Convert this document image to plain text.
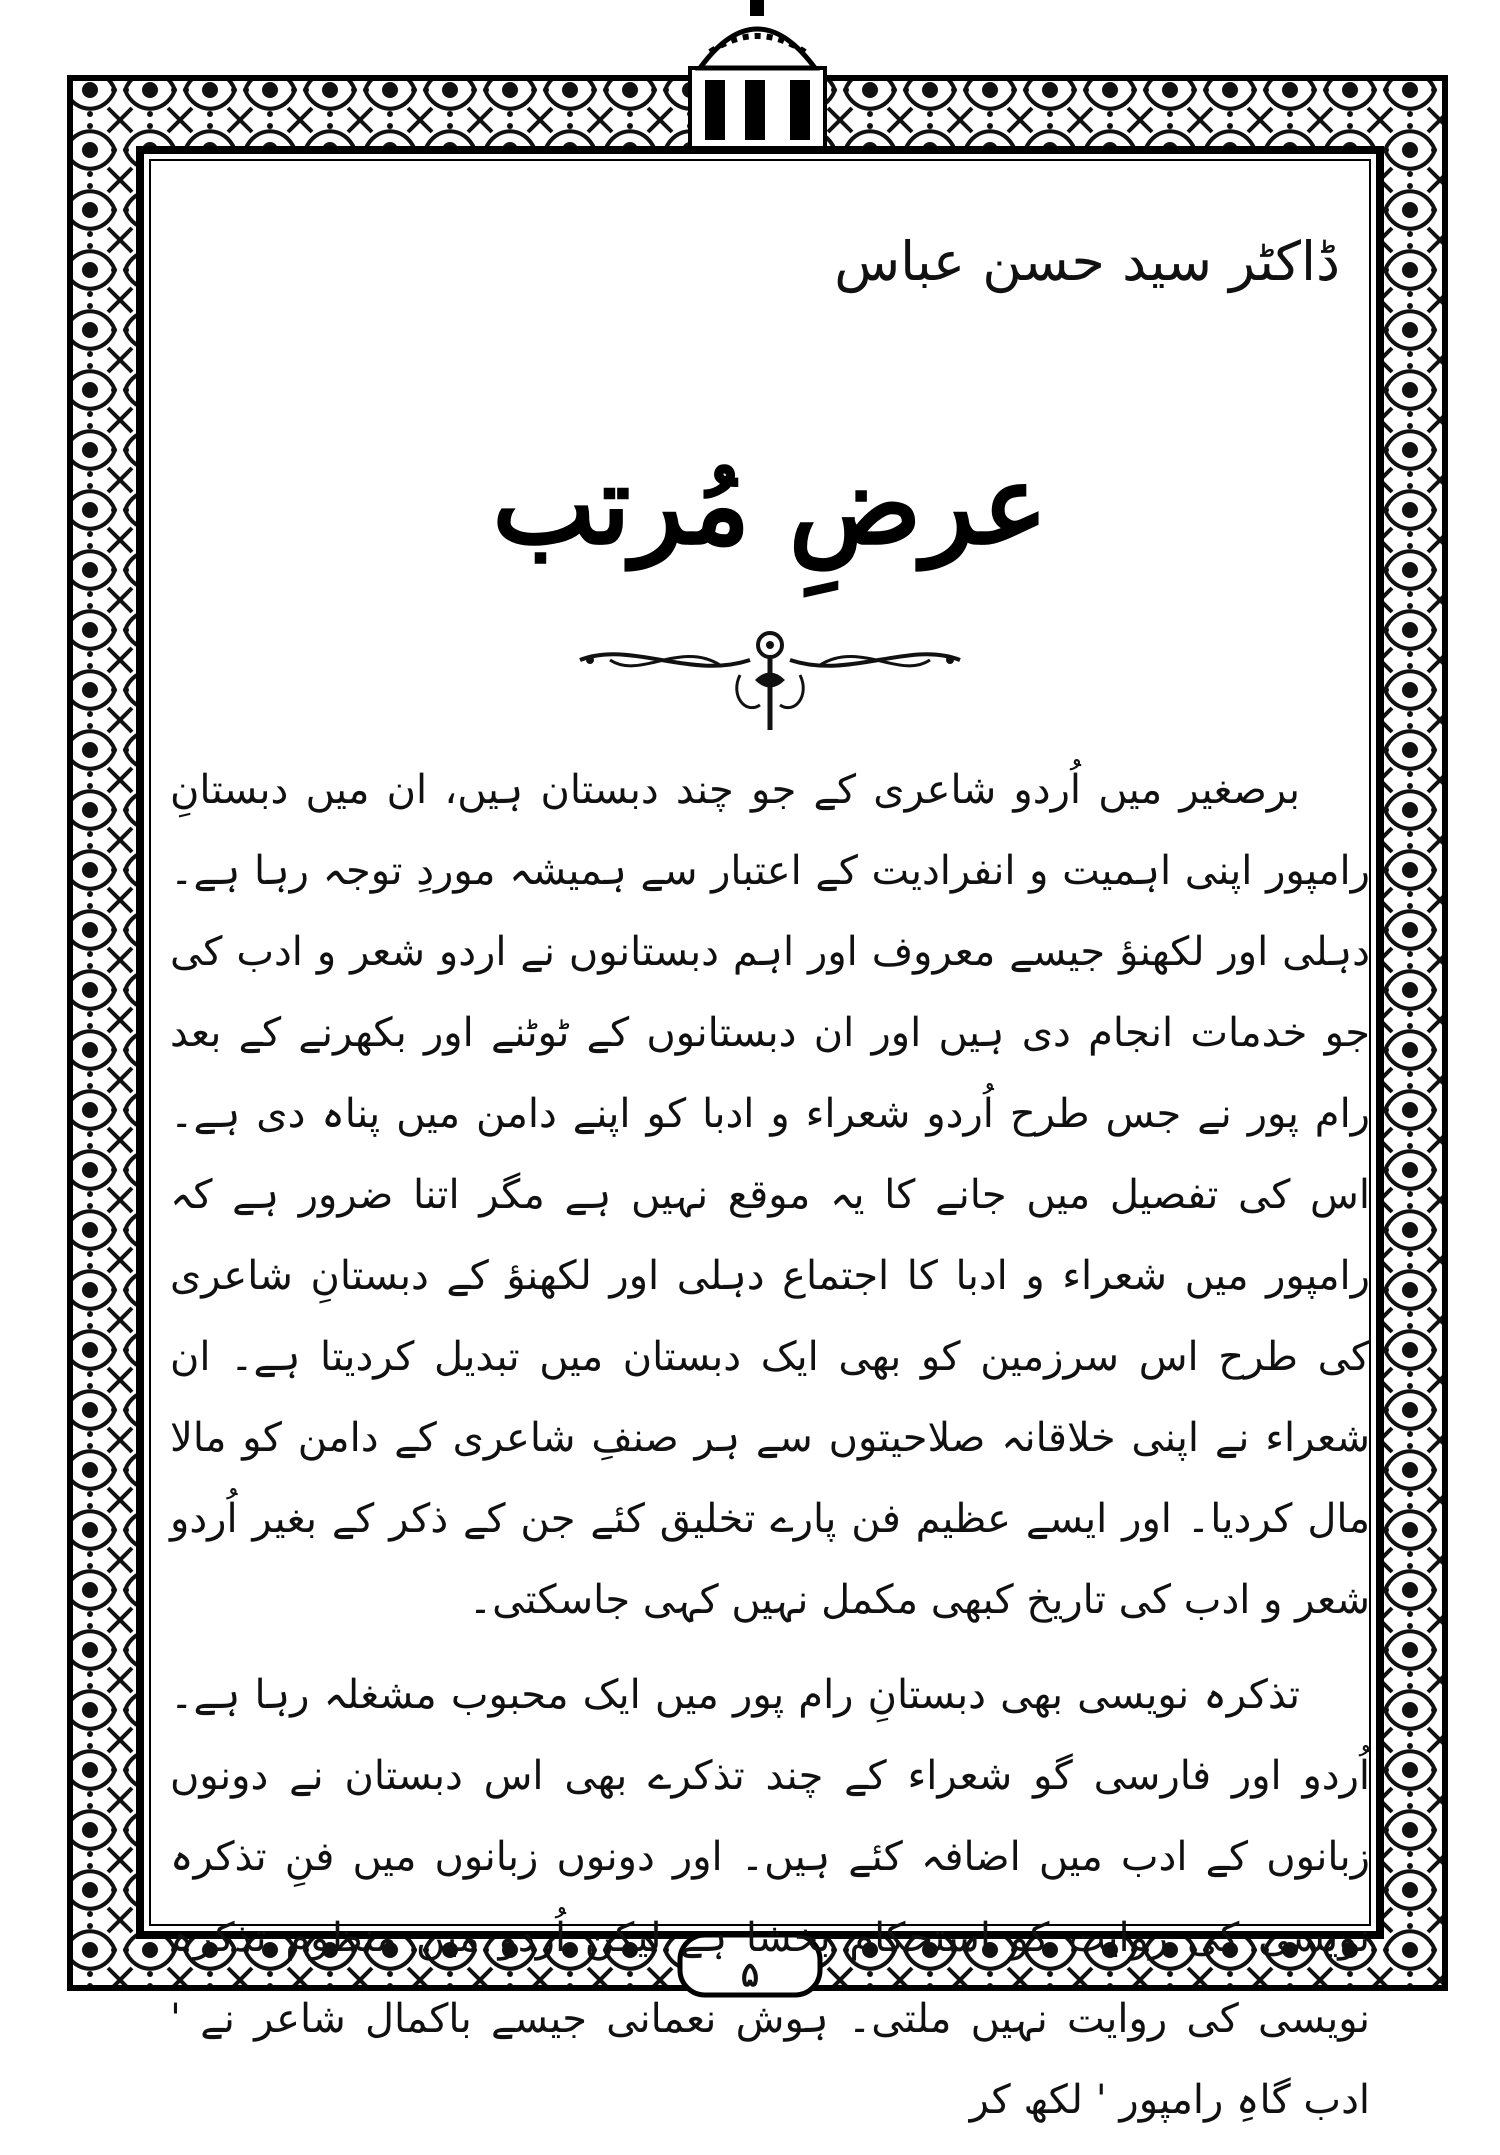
ڈاکٹر سید حسن عباس
عرضِ مُرتب

برصغیر میں اُردو شاعری کے جو چند دبستان ہیں، ان میں دبستانِ رامپور اپنی اہمیت و انفرادیت کے اعتبار سے ہمیشہ موردِ توجہ رہا ہے۔ دہلی اور لکھنؤ جیسے معروف اور اہم دبستانوں نے اردو شعر و ادب کی جو خدمات انجام دی ہیں اور ان دبستانوں کے ٹوٹنے اور بکھرنے کے بعد رام پور نے جس طرح اُردو شعراء و ادبا کو اپنے دامن میں پناہ دی ہے۔ اس کی تفصیل میں جانے کا یہ موقع نہیں ہے مگر اتنا ضرور ہے کہ رامپور میں شعراء و ادبا کا اجتماع دہلی اور لکھنؤ کے دبستانِ شاعری کی طرح اس سرزمین کو بھی ایک دبستان میں تبدیل کردیتا ہے۔ ان شعراء نے اپنی خلاقانہ صلاحیتوں سے ہر صنفِ شاعری کے دامن کو مالا مال کردیا۔ اور ایسے عظیم فن پارے تخلیق کئے جن کے ذکر کے بغیر اُردو شعر و ادب کی تاریخ کبھی مکمل نہیں کہی جاسکتی۔

تذکرہ نویسی بھی دبستانِ رام پور میں ایک محبوب مشغلہ رہا ہے۔ اُردو اور فارسی گو شعراء کے چند تذکرے بھی اس دبستان نے دونوں زبانوں کے ادب میں اضافہ کئے ہیں۔ اور دونوں زبانوں میں فنِ تذکرہ نویسی کی روایت کو استحکام بخشا ہے لیکن اُردو میں منظوم تذکرہ نویسی کی روایت نہیں ملتی۔ ہوش نعمانی جیسے باکمال شاعر نے ' ادب گاہِ رامپور ' لکھ کر

۵
